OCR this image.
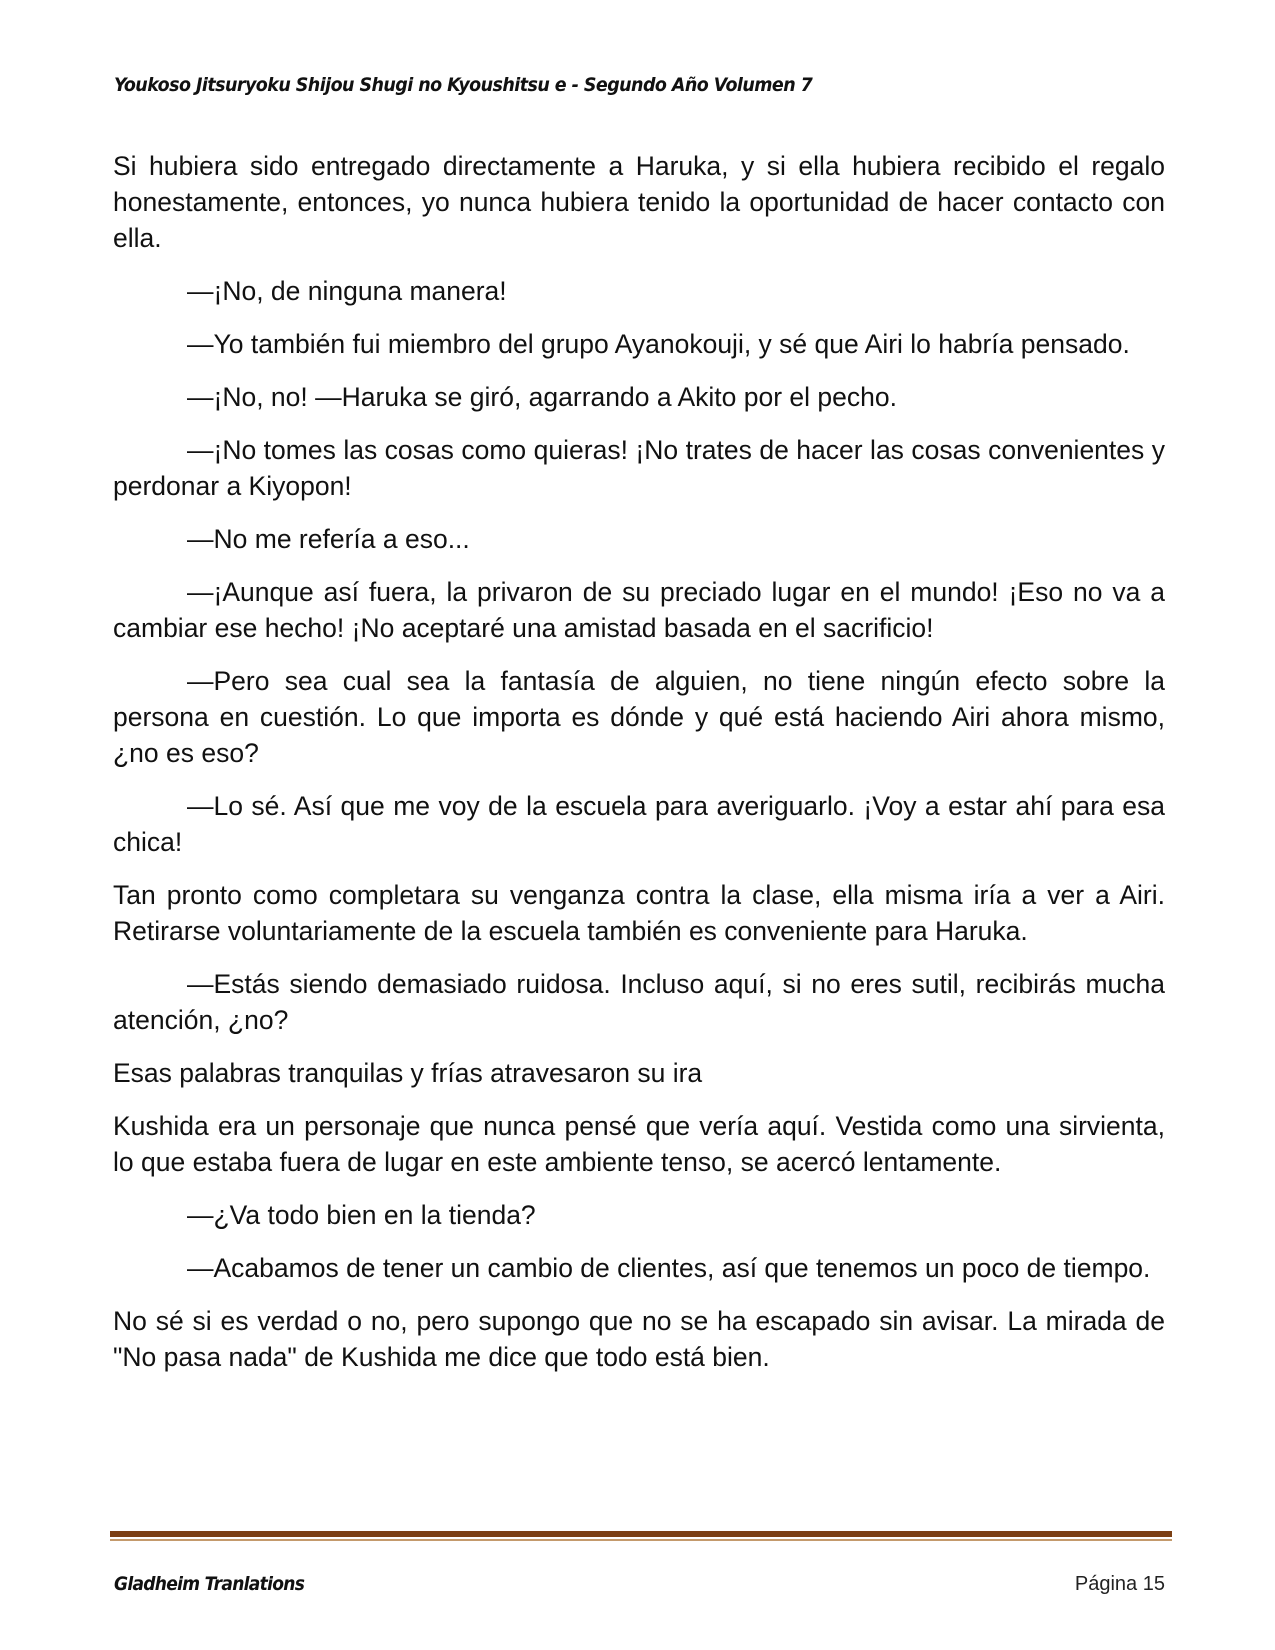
Youkoso Jitsuryoku Shijou Shugi no Kyoushitsu e - Segundo Año Volumen 7

Si hubiera sido entregado directamente a Haruka, y si ella hubiera recibido el regalo honestamente, entonces, yo nunca hubiera tenido la oportunidad de hacer contacto con ella.

—¡No, de ninguna manera!

—Yo también fui miembro del grupo Ayanokouji, y sé que Airi lo habría pensado.

—¡No, no! —Haruka se giró, agarrando a Akito por el pecho.

—¡No tomes las cosas como quieras! ¡No trates de hacer las cosas convenientes y perdonar a Kiyopon!

—No me refería a eso...

—¡Aunque así fuera, la privaron de su preciado lugar en el mundo! ¡Eso no va a cambiar ese hecho! ¡No aceptaré una amistad basada en el sacrificio!

—Pero sea cual sea la fantasía de alguien, no tiene ningún efecto sobre la persona en cuestión. Lo que importa es dónde y qué está haciendo Airi ahora mismo, ¿no es eso?

—Lo sé. Así que me voy de la escuela para averiguarlo. ¡Voy a estar ahí para esa chica!

Tan pronto como completara su venganza contra la clase, ella misma iría a ver a Airi. Retirarse voluntariamente de la escuela también es conveniente para Haruka.

—Estás siendo demasiado ruidosa. Incluso aquí, si no eres sutil, recibirás mucha atención, ¿no?

Esas palabras tranquilas y frías atravesaron su ira

Kushida era un personaje que nunca pensé que vería aquí. Vestida como una sirvienta, lo que estaba fuera de lugar en este ambiente tenso, se acercó lentamente.

—¿Va todo bien en la tienda?

—Acabamos de tener un cambio de clientes, así que tenemos un poco de tiempo.

No sé si es verdad o no, pero supongo que no se ha escapado sin avisar. La mirada de "No pasa nada" de Kushida me dice que todo está bien.

Gladheim Tranlations	Página 15
